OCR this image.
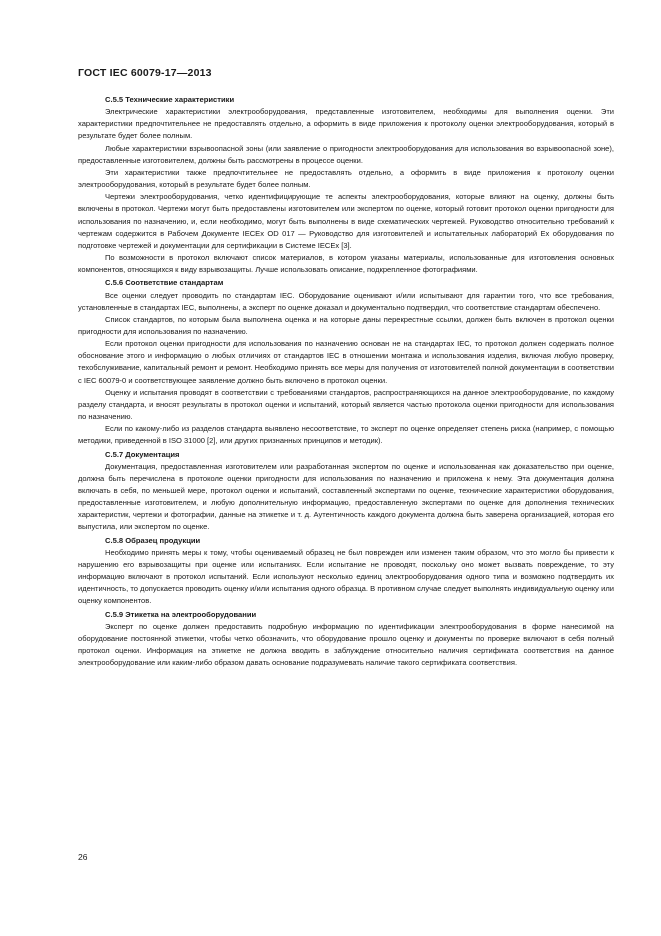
ГОСТ IEC 60079-17—2013
C.5.5 Технические характеристики

Электрические характеристики электрооборудования, представленные изготовителем, необходимы для выполнения оценки. Эти характеристики предпочтительнее не предоставлять отдельно, а оформить в виде приложения к протоколу оценки электрооборудования, который в результате будет более полным.

Любые характеристики взрывоопасной зоны (или заявление о пригодности электрооборудования для использования во взрывоопасной зоне), предоставленные изготовителем, должны быть рассмотрены в процессе оценки.

Эти характеристики также предпочтительнее не предоставлять отдельно, а оформить в виде приложения к протоколу оценки электрооборудования, который в результате будет более полным.

Чертежи электрооборудования, четко идентифицирующие те аспекты электрооборудования, которые влияют на оценку, должны быть включены в протокол. Чертежи могут быть предоставлены изготовителем или экспертом по оценке, который готовит протокол оценки пригодности для использования по назначению, и, если необходимо, могут быть выполнены в виде схематических чертежей. Руководство относительно требований к чертежам содержится в Рабочем Документе IECEx OD 017 — Руководство для изготовителей и испытательных лабораторий Ex оборудования по подготовке чертежей и документации для сертификации в Системе IECEx [3].

По возможности в протокол включают список материалов, в котором указаны материалы, использованные для изготовления основных компонентов, относящихся к виду взрывозащиты. Лучше использовать описание, подкрепленное фотографиями.

C.5.6 Соответствие стандартам

Все оценки следует проводить по стандартам IEC. Оборудование оценивают и/или испытывают для гарантии того, что все требования, установленные в стандартах IEC, выполнены, а эксперт по оценке доказал и документально подтвердил, что соответствие стандартам обеспечено.

Список стандартов, по которым была выполнена оценка и на которые даны перекрестные ссылки, должен быть включен в протокол оценки пригодности для использования по назначению.

Если протокол оценки пригодности для использования по назначению основан не на стандартах IEC, то протокол должен содержать полное обоснование этого и информацию о любых отличиях от стандартов IEC в отношении монтажа и использования изделия, включая любую проверку, техобслуживание, капитальный ремонт и ремонт. Необходимо принять все меры для получения от изготовителей полной документации в соответствии с IEC 60079-0 и соответствующее заявление должно быть включено в протокол оценки.

Оценку и испытания проводят в соответствии с требованиями стандартов, распространяющихся на данное электрооборудование, по каждому разделу стандарта, и вносят результаты в протокол оценки и испытаний, который является частью протокола оценки пригодности для использования по назначению.

Если по какому-либо из разделов стандарта выявлено несоответствие, то эксперт по оценке определяет степень риска (например, с помощью методики, приведенной в ISO 31000 [2], или других признанных принципов и методик).

C.5.7 Документация

Документация, предоставленная изготовителем или разработанная экспертом по оценке и использованная как доказательство при оценке, должна быть перечислена в протоколе оценки пригодности для использования по назначению и приложена к нему. Эта документация должна включать в себя, по меньшей мере, протокол оценки и испытаний, составленный экспертами по оценке, технические характеристики оборудования, предоставленные изготовителем, и любую дополнительную информацию, предоставленную экспертами по оценке для дополнения технических характеристик, чертежи и фотографии, данные на этикетке и т. д. Аутентичность каждого документа должна быть заверена организацией, которая его выпустила, или экспертом по оценке.

C.5.8 Образец продукции

Необходимо принять меры к тому, чтобы оцениваемый образец не был поврежден или изменен таким образом, что это могло бы привести к нарушению его взрывозащиты при оценке или испытаниях. Если испытание не проводят, поскольку оно может вызвать повреждение, то эту информацию включают в протокол испытаний. Если используют несколько единиц электрооборудования одного типа и возможно подтвердить их идентичность, то допускается проводить оценку и/или испытания одного образца. В противном случае следует выполнять индивидуальную оценку или оценку компонентов.

C.5.9 Этикетка на электрооборудовании

Эксперт по оценке должен предоставить подробную информацию по идентификации электрооборудования в форме нанесимой на оборудование постоянной этикетки, чтобы четко обозначить, что оборудование прошло оценку и документы по проверке включают в себя полный протокол оценки. Информация на этикетке не должна вводить в заблуждение относительно наличия сертификата соответствия на данное электрооборудование или каким-либо образом давать основание подразумевать наличие такого сертификата соответствия.

26
